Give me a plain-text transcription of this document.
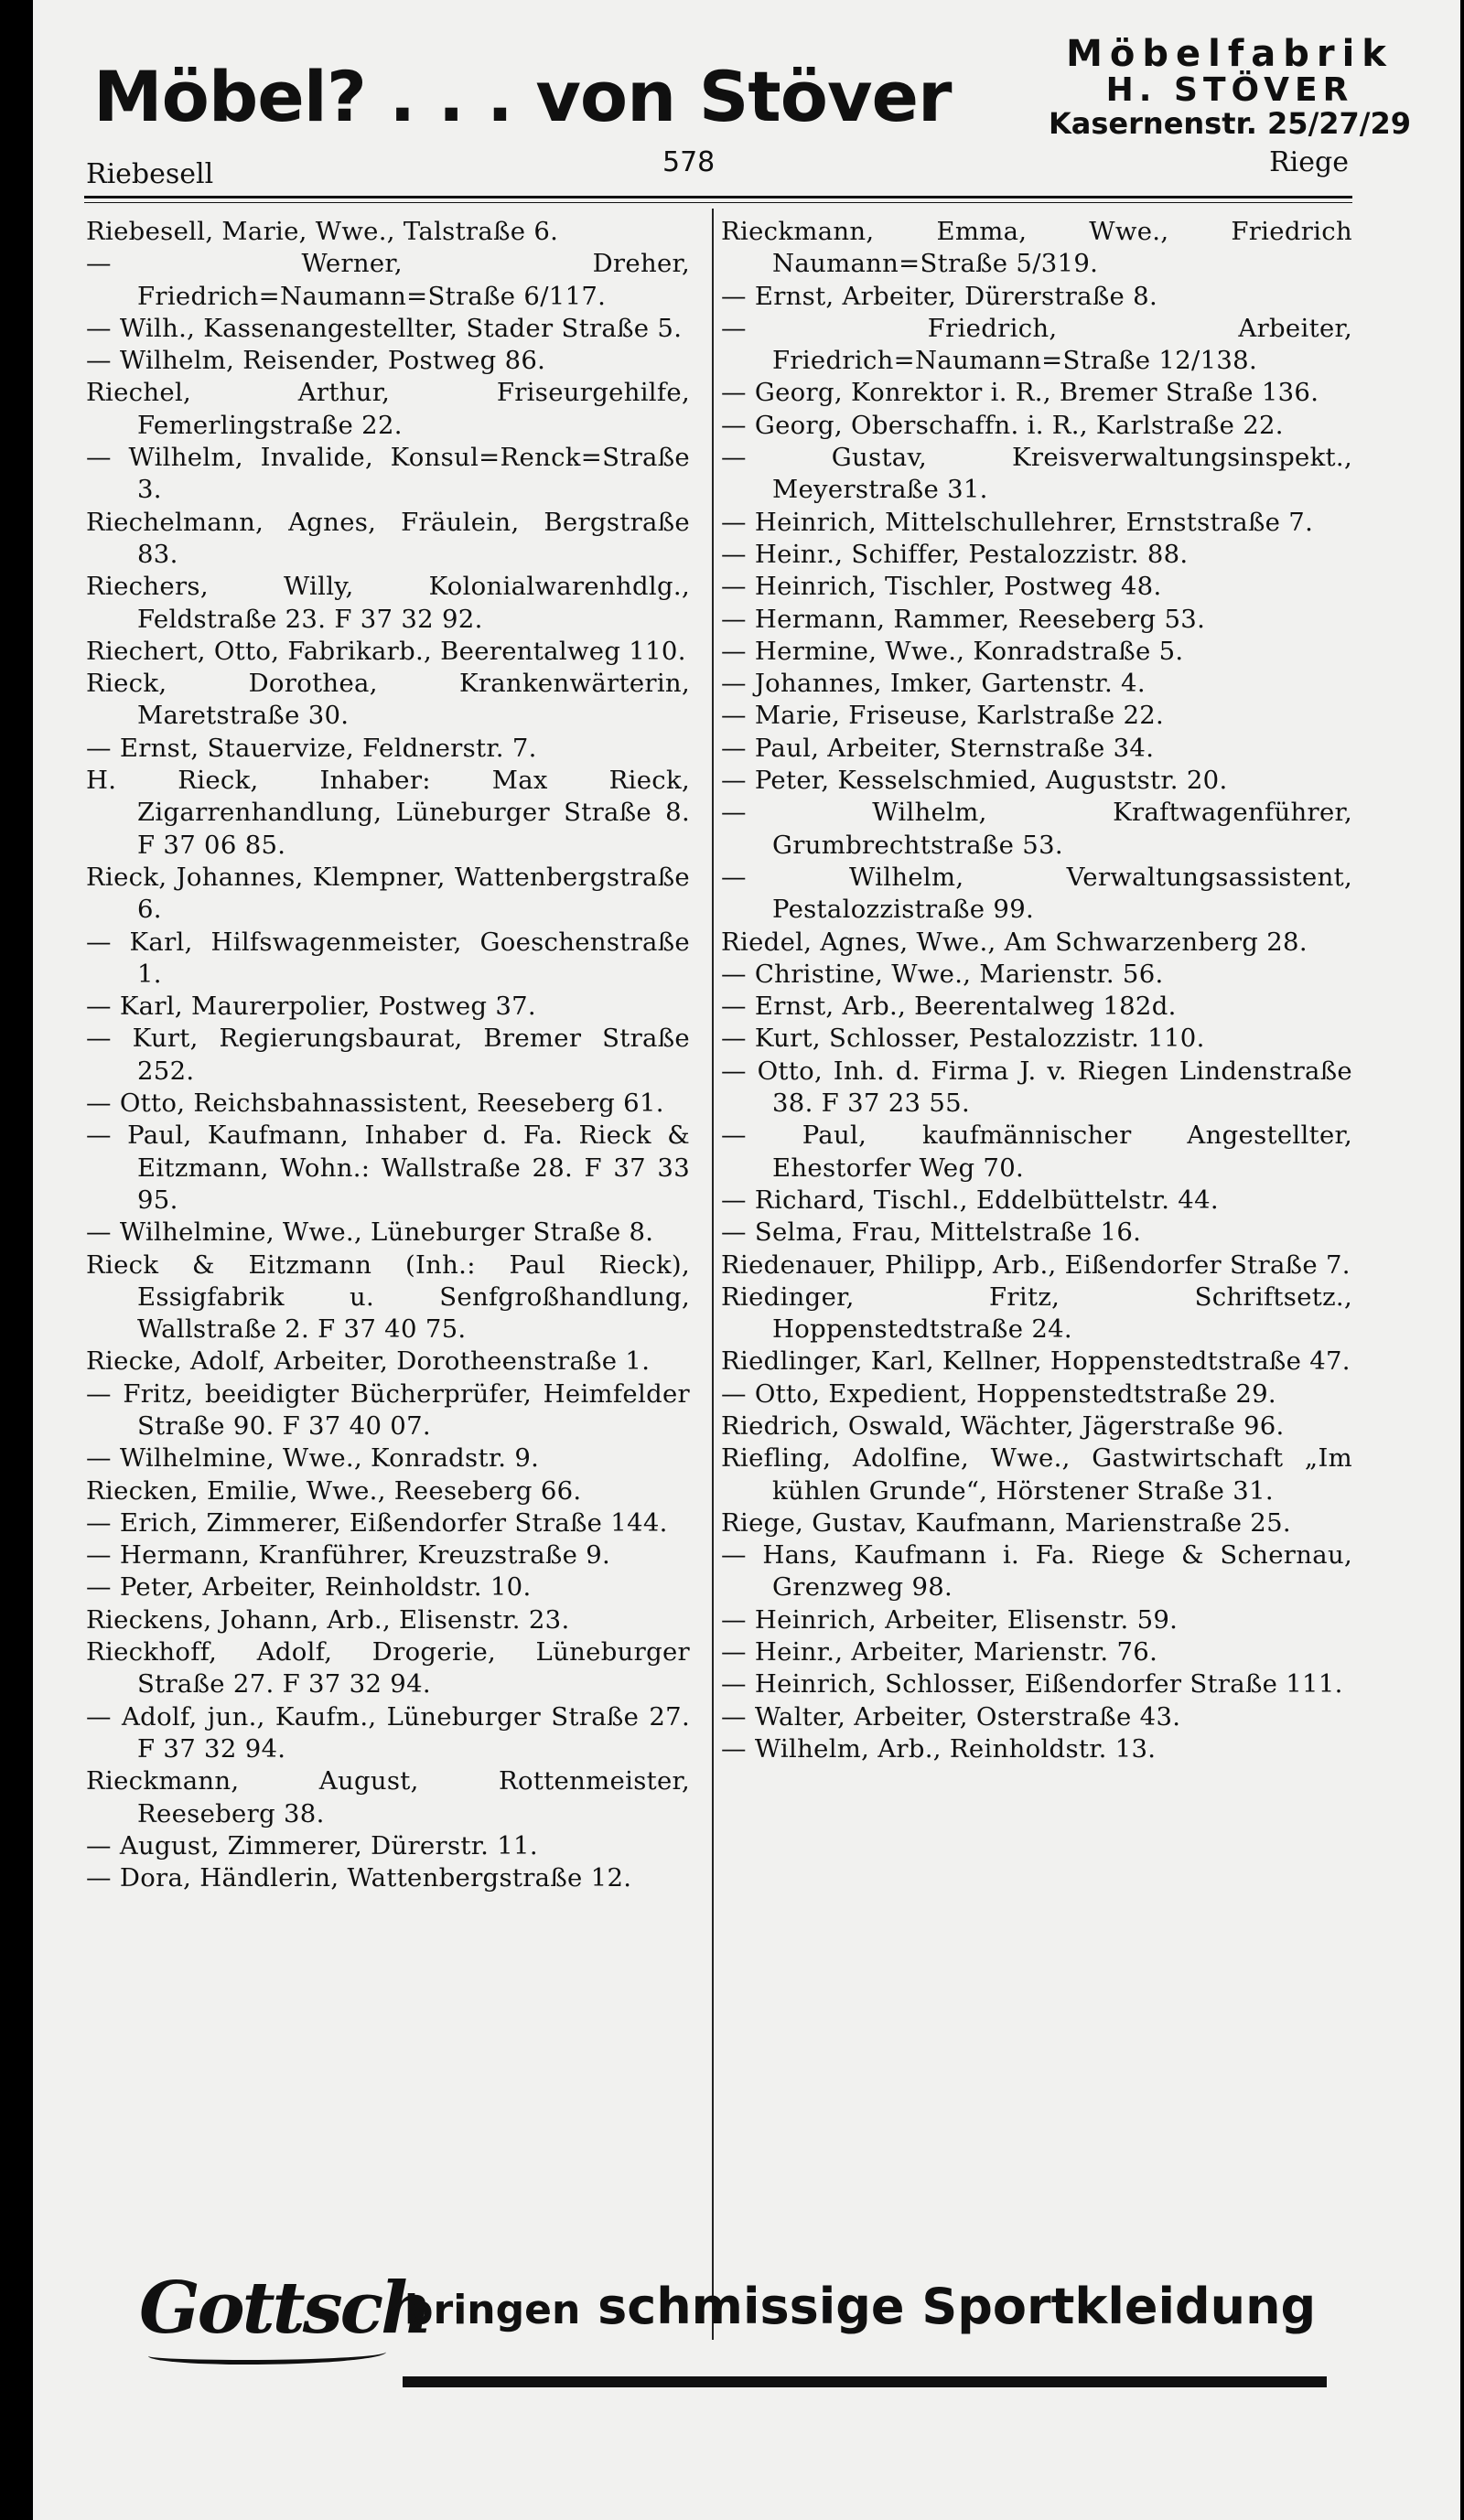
Möbel? . . . von Stöver
Möbelfabrik
H. STÖVER
Kasernenstr. 25/27/29
Riebesell	578	Riege
Riebesell, Marie, Wwe., Talstraße 6.
— Werner, Dreher, Friedrich=Naumann=Straße 6/117.
— Wilh., Kassenangestellter, Stader Straße 5.
— Wilhelm, Reisender, Postweg 86.
Riechel, Arthur, Friseurgehilfe, Femerlingstraße 22.
— Wilhelm, Invalide, Konsul=Renck=Straße 3.
Riechelmann, Agnes, Fräulein, Bergstraße 83.
Riechers, Willy, Kolonialwarenhdlg., Feldstraße 23. F 37 32 92.
Riechert, Otto, Fabrikarb., Beerentalweg 110.
Rieck, Dorothea, Krankenwärterin, Maretstraße 30.
— Ernst, Stauervize, Feldnerstr. 7.
H. Rieck, Inhaber: Max Rieck, Zigarrenhandlung, Lüneburger Straße 8. F 37 06 85.
Rieck, Johannes, Klempner, Wattenbergstraße 6.
— Karl, Hilfswagenmeister, Goeschenstraße 1.
— Karl, Maurerpolier, Postweg 37.
— Kurt, Regierungsbaurat, Bremer Straße 252.
— Otto, Reichsbahnassistent, Reeseberg 61.
— Paul, Kaufmann, Inhaber d. Fa. Rieck & Eitzmann, Wohn.: Wallstraße 28. F 37 33 95.
— Wilhelmine, Wwe., Lüneburger Straße 8.
Rieck & Eitzmann (Inh.: Paul Rieck), Essigfabrik u. Senfgroßhandlung, Wallstraße 2. F 37 40 75.
Riecke, Adolf, Arbeiter, Dorotheenstraße 1.
— Fritz, beeidigter Bücherprüfer, Heimfelder Straße 90. F 37 40 07.
— Wilhelmine, Wwe., Konradstr. 9.
Riecken, Emilie, Wwe., Reeseberg 66.
— Erich, Zimmerer, Eißendorfer Straße 144.
— Hermann, Kranführer, Kreuzstraße 9.
— Peter, Arbeiter, Reinholdstr. 10.
Rieckens, Johann, Arb., Elisenstr. 23.
Rieckhoff, Adolf, Drogerie, Lüneburger Straße 27. F 37 32 94.
— Adolf, jun., Kaufm., Lüneburger Straße 27. F 37 32 94.
Rieckmann, August, Rottenmeister, Reeseberg 38.
— August, Zimmerer, Dürerstr. 11.
— Dora, Händlerin, Wattenbergstraße 12.
Rieckmann, Emma, Wwe., Friedrich Naumann=Straße 5/319.
— Ernst, Arbeiter, Dürerstraße 8.
— Friedrich, Arbeiter, Friedrich=Naumann=Straße 12/138.
— Georg, Konrektor i. R., Bremer Straße 136.
— Georg, Oberschaffn. i. R., Karlstraße 22.
— Gustav, Kreisverwaltungsinspekt., Meyerstraße 31.
— Heinrich, Mittelschullehrer, Ernststraße 7.
— Heinr., Schiffer, Pestalozzistr. 88.
— Heinrich, Tischler, Postweg 48.
— Hermann, Rammer, Reeseberg 53.
— Hermine, Wwe., Konradstraße 5.
— Johannes, Imker, Gartenstr. 4.
— Marie, Friseuse, Karlstraße 22.
— Paul, Arbeiter, Sternstraße 34.
— Peter, Kesselschmied, Auguststr. 20.
— Wilhelm, Kraftwagenführer, Grumbrechtstraße 53.
— Wilhelm, Verwaltungsassistent, Pestalozzistraße 99.
Riedel, Agnes, Wwe., Am Schwarzenberg 28.
— Christine, Wwe., Marienstr. 56.
— Ernst, Arb., Beerentalweg 182d.
— Kurt, Schlosser, Pestalozzistr. 110.
— Otto, Inh. d. Firma J. v. Riegen Lindenstraße 38. F 37 23 55.
— Paul, kaufmännischer Angestellter, Ehestorfer Weg 70.
— Richard, Tischl., Eddelbüttelstr. 44.
— Selma, Frau, Mittelstraße 16.
Riedenauer, Philipp, Arb., Eißendorfer Straße 7.
Riedinger, Fritz, Schriftsetz., Hoppenstedtstraße 24.
Riedlinger, Karl, Kellner, Hoppenstedtstraße 47.
— Otto, Expedient, Hoppenstedtstraße 29.
Riedrich, Oswald, Wächter, Jägerstraße 96.
Riefling, Adolfine, Wwe., Gastwirtschaft „Im kühlen Grunde“, Hörstener Straße 31.
Riege, Gustav, Kaufmann, Marienstraße 25.
— Hans, Kaufmann i. Fa. Riege & Schernau, Grenzweg 98.
— Heinrich, Arbeiter, Elisenstr. 59.
— Heinr., Arbeiter, Marienstr. 76.
— Heinrich, Schlosser, Eißendorfer Straße 111.
— Walter, Arbeiter, Osterstraße 43.
— Wilhelm, Arb., Reinholdstr. 13.
Gottsch
bringen schmissige Sportkleidung
